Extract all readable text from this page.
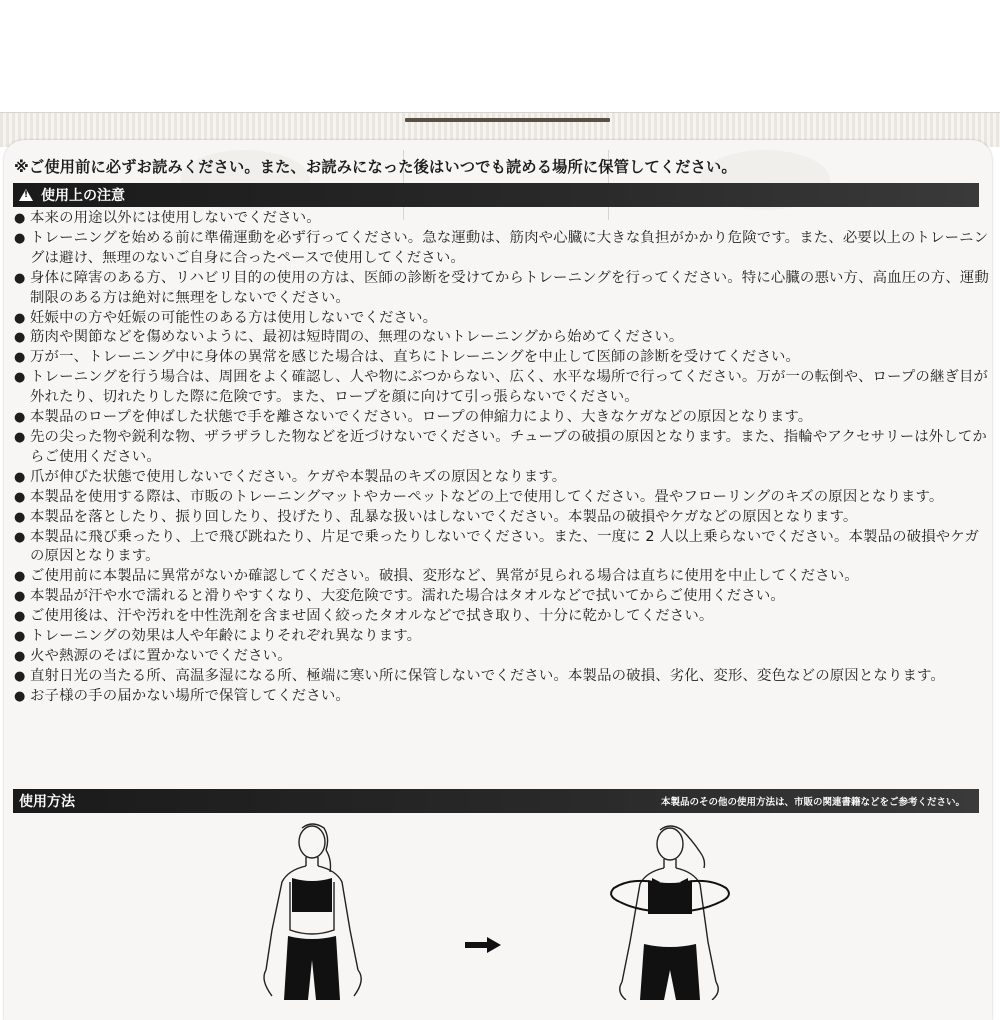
※ご使用前に必ずお読みください。また、お読みになった後はいつでも読める場所に保管してください。
!
使用上の注意
● 本来の用途以外には使用しないでください。
● トレーニングを始める前に準備運動を必ず行ってください。急な運動は、筋肉や心臓に大きな負担がかかり危険です。また、必要以上のトレーニングは避け、無理のないご自身に合ったペースで使用してください。
● 身体に障害のある方、リハビリ目的の使用の方は、医師の診断を受けてからトレーニングを行ってください。特に心臓の悪い方、高血圧の方、運動制限のある方は絶対に無理をしないでください。
● 妊娠中の方や妊娠の可能性のある方は使用しないでください。
● 筋肉や関節などを傷めないように、最初は短時間の、無理のないトレーニングから始めてください。
● 万が一、トレーニング中に身体の異常を感じた場合は、直ちにトレーニングを中止して医師の診断を受けてください。
● トレーニングを行う場合は、周囲をよく確認し、人や物にぶつからない、広く、水平な場所で行ってください。万が一の転倒や、ロープの継ぎ目が外れたり、切れたりした際に危険です。また、ロープを顔に向けて引っ張らないでください。
● 本製品のロープを伸ばした状態で手を離さないでください。ロープの伸縮力により、大きなケガなどの原因となります。
● 先の尖った物や鋭利な物、ザラザラした物などを近づけないでください。チューブの破損の原因となります。また、指輪やアクセサリーは外してからご使用ください。
● 爪が伸びた状態で使用しないでください。ケガや本製品のキズの原因となります。
● 本製品を使用する際は、市販のトレーニングマットやカーペットなどの上で使用してください。畳やフローリングのキズの原因となります。
● 本製品を落としたり、振り回したり、投げたり、乱暴な扱いはしないでください。本製品の破損やケガなどの原因となります。
● 本製品に飛び乗ったり、上で飛び跳ねたり、片足で乗ったりしないでください。また、一度に 2 人以上乗らないでください。本製品の破損やケガの原因となります。
● ご使用前に本製品に異常がないか確認してください。破損、変形など、異常が見られる場合は直ちに使用を中止してください。
● 本製品が汗や水で濡れると滑りやすくなり、大変危険です。濡れた場合はタオルなどで拭いてからご使用ください。
● ご使用後は、汗や汚れを中性洗剤を含ませ固く絞ったタオルなどで拭き取り、十分に乾かしてください。
● トレーニングの効果は人や年齢によりそれぞれ異なります。
● 火や熱源のそばに置かないでください。
● 直射日光の当たる所、高温多湿になる所、極端に寒い所に保管しないでください。本製品の破損、劣化、変形、変色などの原因となります。
● お子様の手の届かない場所で保管してください。
使用方法	本製品のその他の使用方法は、市販の関連書籍などをご参考ください。
